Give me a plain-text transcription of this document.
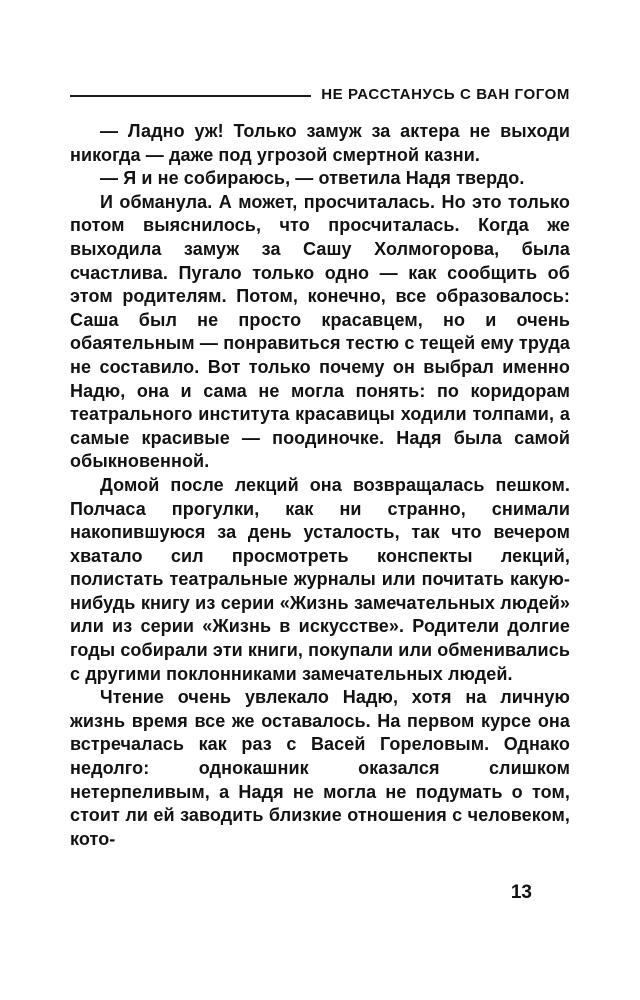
НЕ РАССТАНУСЬ С ВАН ГОГОМ

— Ладно уж! Только замуж за актера не выходи никогда — даже под угрозой смертной казни.

— Я и не собираюсь, — ответила Надя твердо.

И обманула. А может, просчиталась. Но это только потом выяснилось, что просчиталась. Когда же выходила замуж за Сашу Холмогорова, была счастлива. Пугало только одно — как сообщить об этом родителям. Потом, конечно, все образовалось: Саша был не просто красавцем, но и очень обаятельным — понравиться тестю с тещей ему труда не составило. Вот только почему он выбрал именно Надю, она и сама не могла понять: по коридорам театрального института красавицы ходили толпами, а самые красивые — поодиночке. Надя была самой обыкновенной.

Домой после лекций она возвращалась пешком. Полчаса прогулки, как ни странно, снимали накопившуюся за день усталость, так что вечером хватало сил просмотреть конспекты лекций, полистать театральные журналы или почитать какую-нибудь книгу из серии «Жизнь замечательных людей» или из серии «Жизнь в искусстве». Родители долгие годы собирали эти книги, покупали или обменивались с другими поклонниками замечательных людей.

Чтение очень увлекало Надю, хотя на личную жизнь время все же оставалось. На первом курсе она встречалась как раз с Васей Гореловым. Однако недолго: однокашник оказался слишком нетерпеливым, а Надя не могла не подумать о том, стоит ли ей заводить близкие отношения с человеком, кото-

13
